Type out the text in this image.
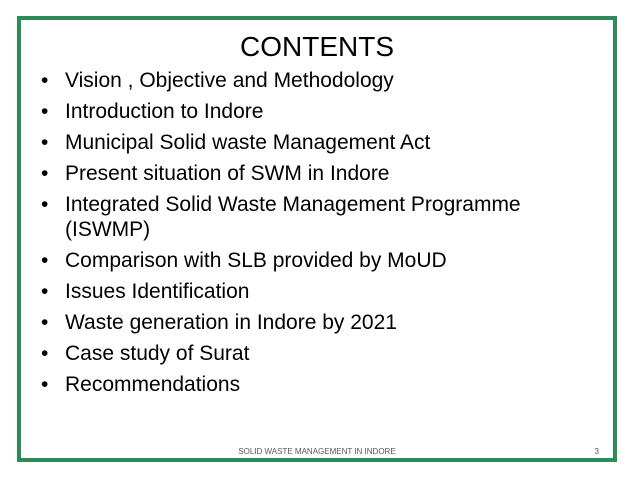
CONTENTS
• Vision , Objective and Methodology
• Introduction to Indore
• Municipal Solid waste Management Act
• Present situation of SWM in Indore
• Integrated Solid Waste Management Programme (ISWMP)
• Comparison with SLB provided by MoUD
• Issues Identification
• Waste generation in Indore by 2021
• Case study of Surat
• Recommendations
SOLID WASTE MANAGEMENT IN INDORE	3
